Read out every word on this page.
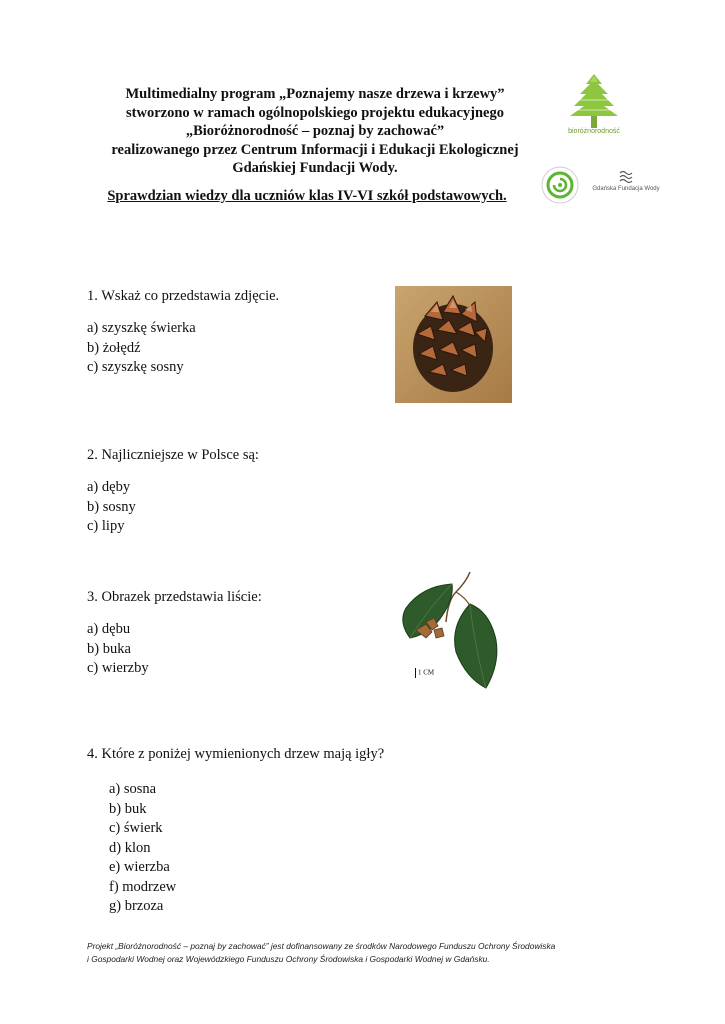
Multimedialny program „Poznajemy nasze drzewa i krzewy”
stworzono w ramach ogólnopolskiego projektu edukacyjnego
„Bioróżnorodność – poznaj by zachować”
realizowanego przez Centrum Informacji i Edukacji Ekologicznej
Gdańskiej Fundacji Wody.
Sprawdzian wiedzy dla uczniów klas IV-VI szkół podstawowych.
bioróżnorodność
Gdańska Fundacja Wody
1. Wskaż co przedstawia zdjęcie.
a) szyszkę świerka
b) żołędź
c) szyszkę sosny
2. Najliczniejsze w Polsce są:
a) dęby
b) sosny
c) lipy
3. Obrazek przedstawia liście:
a) dębu
b) buka
c) wierzby	1 CM
4. Które z poniżej wymienionych drzew mają igły?
a) sosna
b) buk
c) świerk
d) klon
e) wierzba
f) modrzew
g) brzoza
Projekt „Bioróżnorodność – poznaj by zachować” jest dofinansowany ze środków Narodowego Funduszu Ochrony Środowiska
i Gospodarki Wodnej oraz Wojewódzkiego Funduszu Ochrony Środowiska i Gospodarki Wodnej w Gdańsku.
